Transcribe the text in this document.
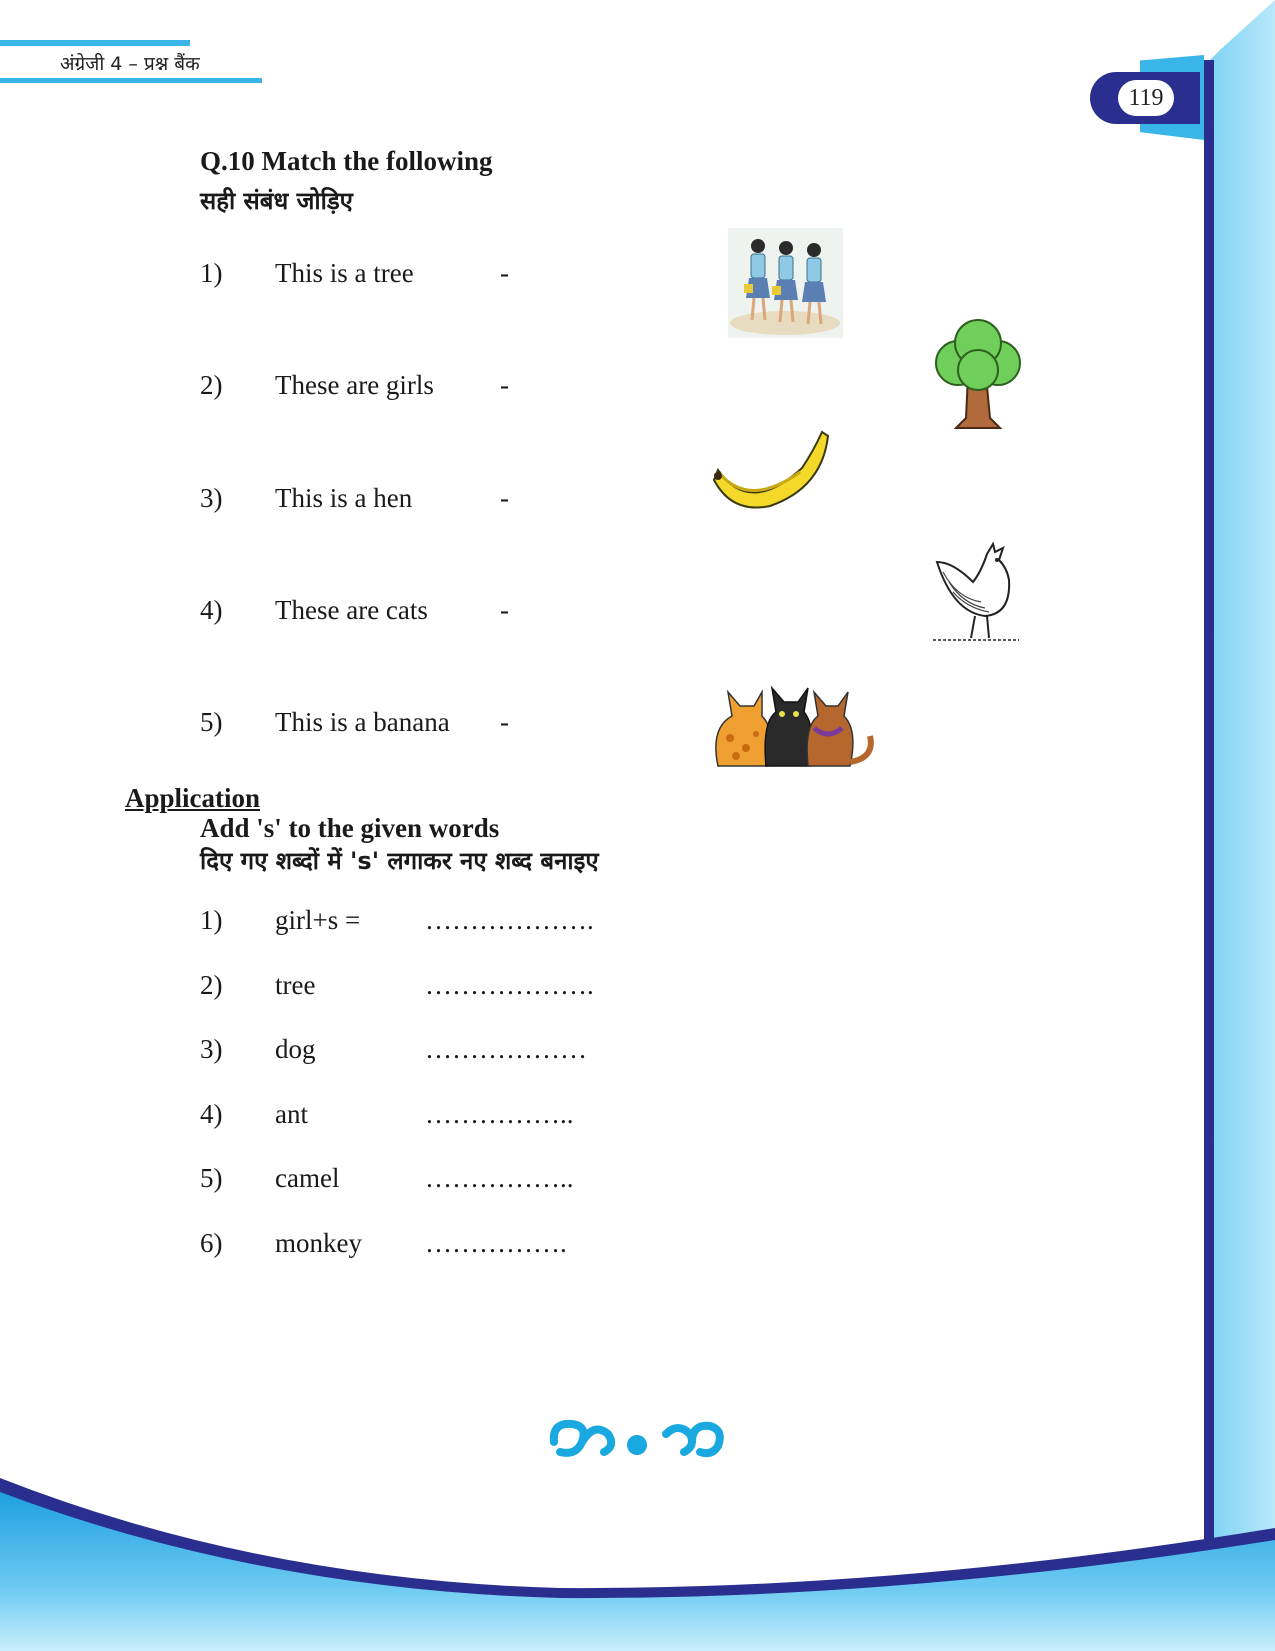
अंग्रेजी 4 – प्रश्न बैंक
119
Q.10 Match the following
सही संबंध जोड़िए
1) This is a tree	-
2) These are girls -
3) This is a hen	-
4) These are cats	-
5) This is a banana -
Application
Add 's' to the given words
दिए गए शब्दों में 's' लगाकर नए शब्द बनाइए
1) girl+s = ……………….
2) tree	……………….
3) dog	………………
4) ant	……………..
5) camel	……………..
6) monkey …………….
